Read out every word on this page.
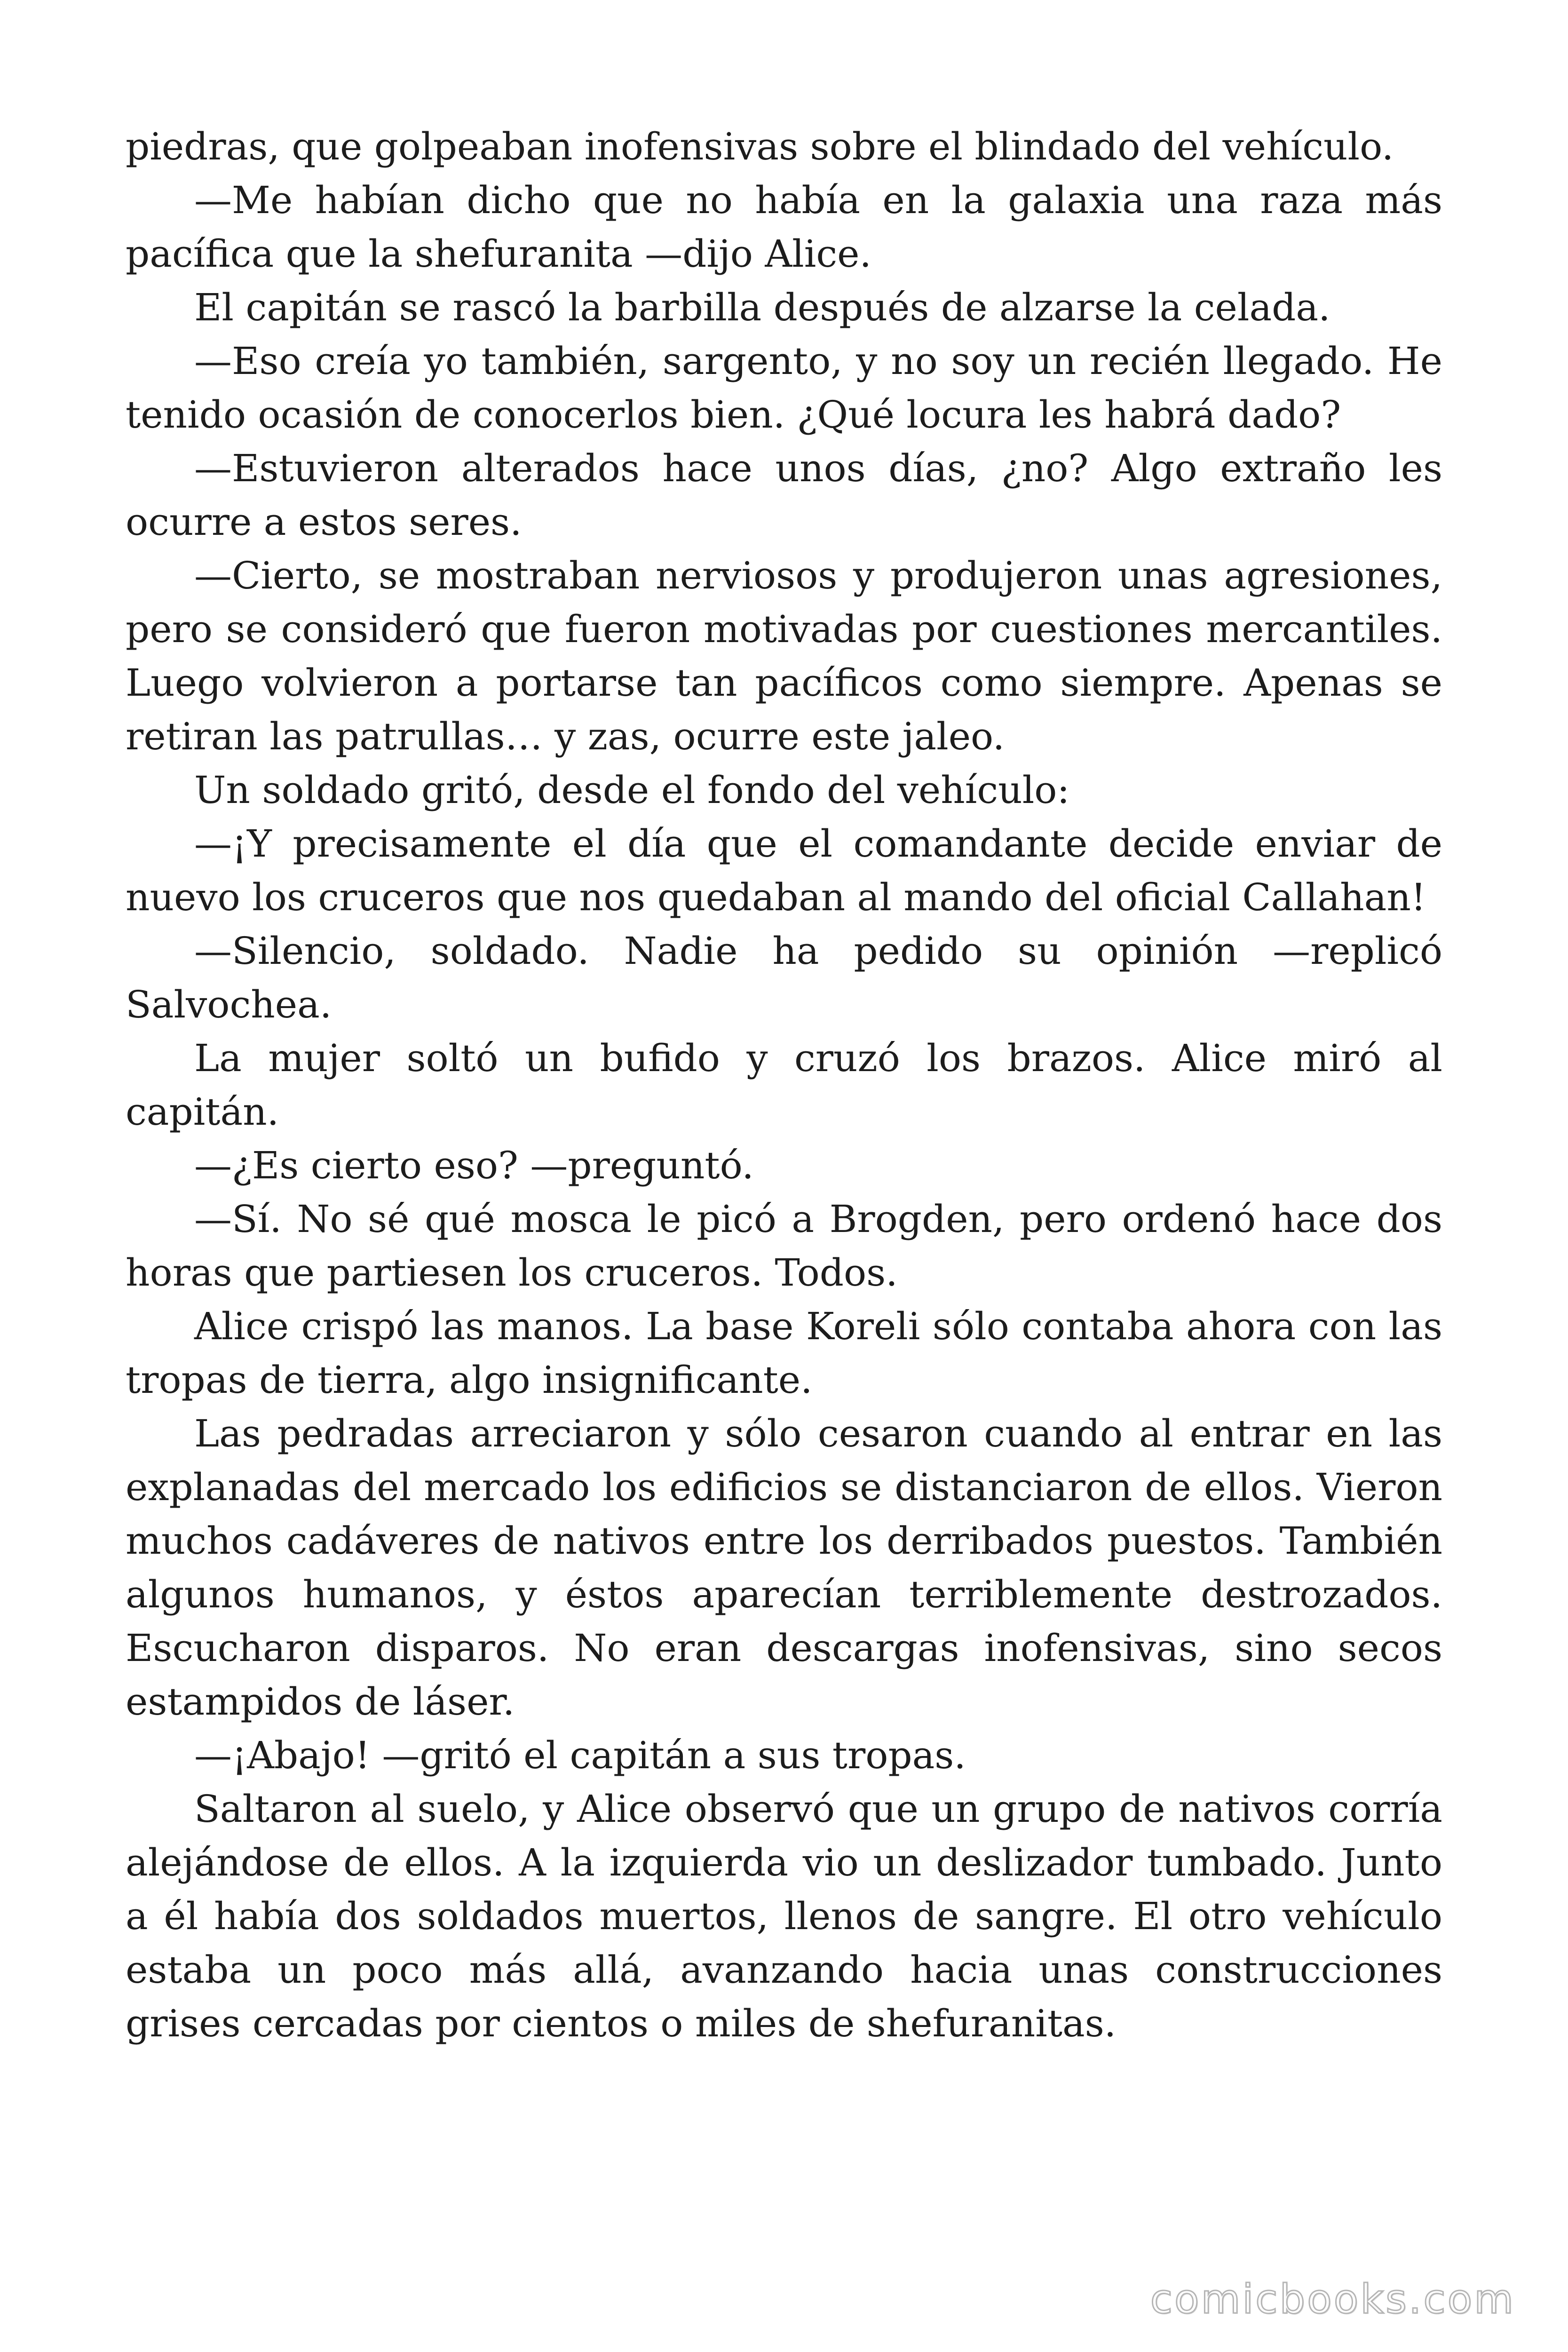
piedras, que golpeaban inofensivas sobre el blindado del vehículo.

—Me habían dicho que no había en la galaxia una raza más pacífica que la shefuranita —dijo Alice.

El capitán se rascó la barbilla después de alzarse la celada.

—Eso creía yo también, sargento, y no soy un recién llegado. He tenido ocasión de conocerlos bien. ¿Qué locura les habrá dado?

—Estuvieron alterados hace unos días, ¿no? Algo extraño les ocurre a estos seres.

—Cierto, se mostraban nerviosos y produjeron unas agresiones, pero se consideró que fueron motivadas por cuestiones mercantiles. Luego volvieron a portarse tan pacíficos como siempre. Apenas se retiran las patrullas… y zas, ocurre este jaleo.

Un soldado gritó, desde el fondo del vehículo:

—¡Y precisamente el día que el comandante decide enviar de nuevo los cruceros que nos quedaban al mando del oficial Callahan!

—Silencio, soldado. Nadie ha pedido su opinión —replicó Salvochea.

La mujer soltó un bufido y cruzó los brazos. Alice miró al capitán.

—¿Es cierto eso? —preguntó.

—Sí. No sé qué mosca le picó a Brogden, pero ordenó hace dos horas que partiesen los cruceros. Todos.

Alice crispó las manos. La base Koreli sólo contaba ahora con las tropas de tierra, algo insignificante.

Las pedradas arreciaron y sólo cesaron cuando al entrar en las explanadas del mercado los edificios se distanciaron de ellos. Vieron muchos cadáveres de nativos entre los derribados puestos. También algunos humanos, y éstos aparecían terriblemente destrozados. Escucharon disparos. No eran descargas inofensivas, sino secos estampidos de láser.

—¡Abajo! —gritó el capitán a sus tropas.

Saltaron al suelo, y Alice observó que un grupo de nativos corría alejándose de ellos. A la izquierda vio un deslizador tumbado. Junto a él había dos soldados muertos, llenos de sangre. El otro vehículo estaba un poco más allá, avanzando hacia unas construcciones grises cercadas por cientos o miles de shefuranitas.

comicbooks.com
